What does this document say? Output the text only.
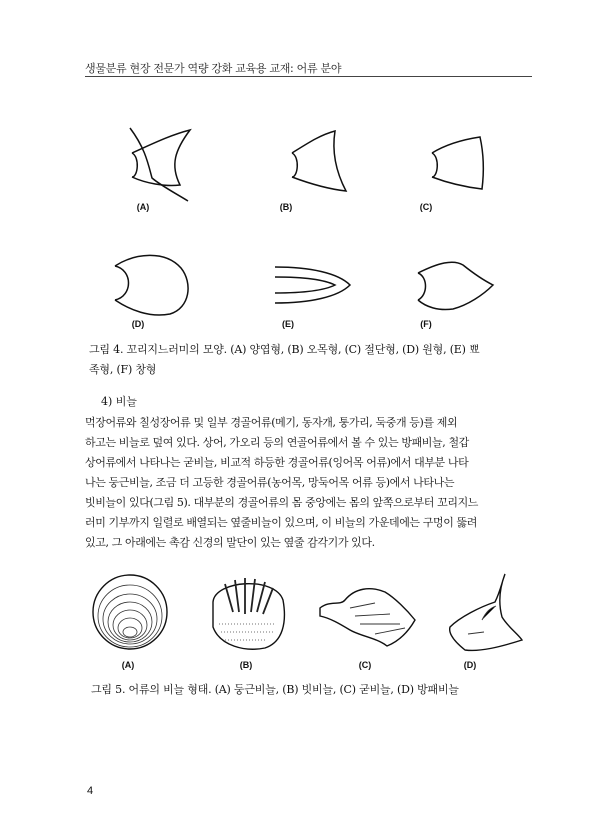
생물분류 현장 전문가 역량 강화 교육용 교재: 어류 분야
(A)	(B)	(C)
(D)	(E)	(F)
그림 4. 꼬리지느러미의 모양. (A) 양엽형, (B) 오목형, (C) 절단형, (D) 원형, (E) 뾰
족형, (F) 창형
4) 비늘
먹장어류와 칠성장어류 및 일부 경골어류(메기, 동자개, 퉁가리, 둑중개 등)를 제외
하고는 비늘로 덮여 있다. 상어, 가오리 등의 연골어류에서 볼 수 있는 방패비늘, 철갑
상어류에서 나타나는 굳비늘, 비교적 하등한 경골어류(잉어목 어류)에서 대부분 나타
나는 둥근비늘, 조금 더 고등한 경골어류(농어목, 망둑어목 어류 등)에서 나타나는
빗비늘이 있다(그림 5). 대부분의 경골어류의 몸 중앙에는 몸의 앞쪽으로부터 꼬리지느
러미 기부까지 일렬로 배열되는 옆줄비늘이 있으며, 이 비늘의 가운데에는 구멍이 뚫려
있고, 그 아래에는 촉감 신경의 말단이 있는 옆줄 감각기가 있다.
(A)	(B)	(C)	(D)
그림 5. 어류의 비늘 형태. (A) 둥근비늘, (B) 빗비늘, (C) 굳비늘, (D) 방패비늘
4
